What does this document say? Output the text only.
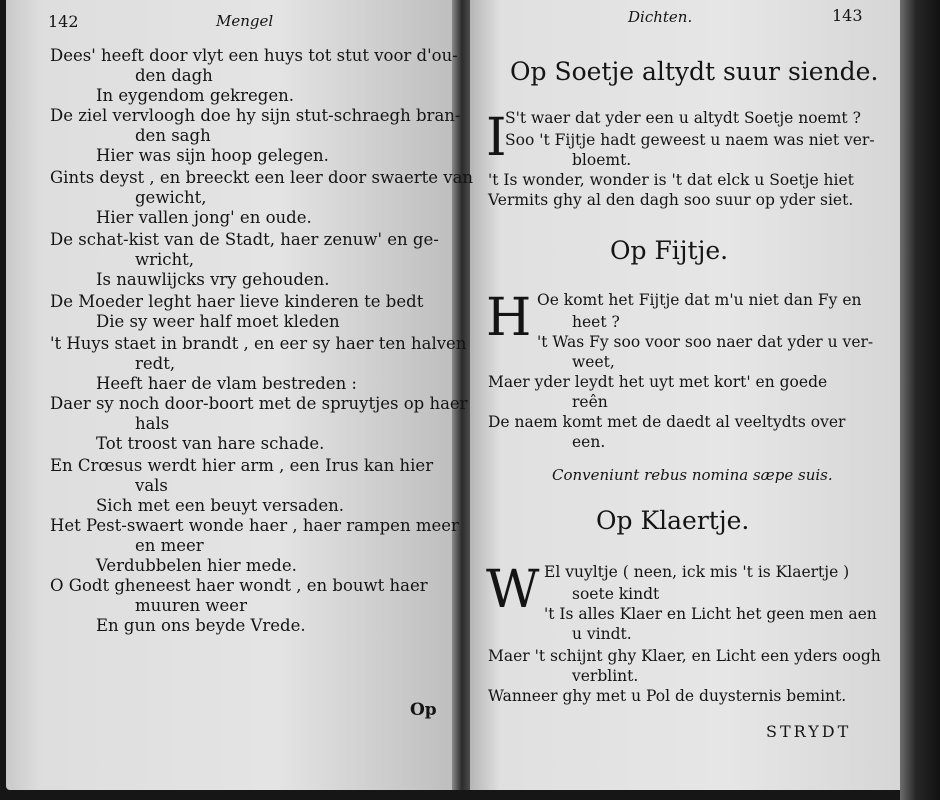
142	Mengel
Dees' heeft door vlyt een huys tot stut voor d'ou-
den dagh
In eygendom gekregen.
De ziel vervloogh doe hy sijn stut-schraegh bran-
den sagh
Hier was sijn hoop gelegen.
Gints deyst , en breeckt een leer door swaerte van
gewicht,
Hier vallen jong' en oude.
De schat-kist van de Stadt, haer zenuw' en ge-
wricht,
Is nauwlijcks vry gehouden.
De Moeder leght haer lieve kinderen te bedt
Die sy weer half moet kleden
't Huys staet in brandt , en eer sy haer ten halven
redt,
Heeft haer de vlam bestreden :
Daer sy noch door-boort met de spruytjes op haer
hals
Tot troost van hare schade.
En Crœsus werdt hier arm , een Irus kan hier
vals
Sich met een beuyt versaden.
Het Pest-swaert wonde haer , haer rampen meer
en meer
Verdubbelen hier mede.
O Godt gheneest haer wondt , en bouwt haer
muuren weer
En gun ons beyde Vrede.
Op
Dichten.	143
Op Soetje altydt suur siende.
I
S't waer dat yder een u altydt Soetje noemt ?
Soo 't Fijtje hadt geweest u naem was niet ver-
bloemt.
't Is wonder, wonder is 't dat elck u Soetje hiet
Vermits ghy al den dagh soo suur op yder siet.
Op Fijtje.
H Oe komt het Fijtje dat m'u niet dan Fy en
heet ?
't Was Fy soo voor soo naer dat yder u ver-
weet,
Maer yder leydt het uyt met kort' en goede
reên
De naem komt met de daedt al veeltydts over
een.
Conveniunt rebus nomina sæpe suis.
Op Klaertje.
W El vuyltje ( neen, ick mis 't is Klaertje )
soete kindt
't Is alles Klaer en Licht het geen men aen
u vindt.
Maer 't schijnt ghy Klaer, en Licht een yders oogh
verblint.
Wanneer ghy met u Pol de duysternis bemint.
STRYDT
